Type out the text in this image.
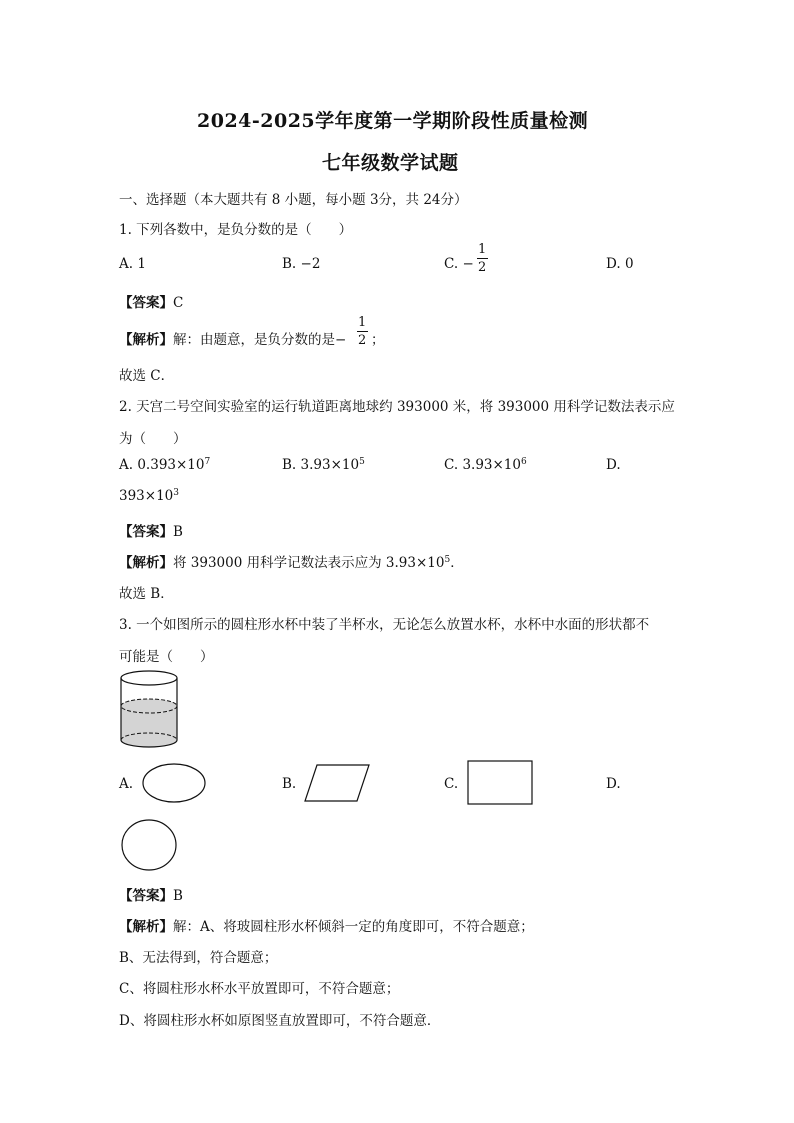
2024-2025学年度第一学期阶段性质量检测
七年级数学试题
一、选择题（本大题共有 8 小题，每小题 3分，共 24分）
1. 下列各数中，是负分数的是（　　）
A. 1	B. −2	C. −
1
2	D. 0
【答案】C
【解析】解：由题意，是负分数的是−
1
2 ；
故选 C．
2. 天宫二号空间实验室的运行轨道距离地球约 393000 米，将 393000 用科学记数法表示应
为（　　）
A. $0.393\times 10^7$	B. $3.93\times 10^5$	C. $3.93\times 10^6$	D.
$393\times 10^3$
【答案】B
【解析】将 393000 用科学记数法表示应为 $3.93\times 10^5$．
故选 B．
3. 一个如图所示的圆柱形水杯中装了半杯水，无论怎么放置水杯，水杯中水面的形状都不
可能是（　　）
A.	B.	C.	D.
【答案】B
【解析】解：A、将玻圆柱形水杯倾斜一定的角度即可，不符合题意；
B、无法得到，符合题意；
C、将圆柱形水杯水平放置即可，不符合题意；
D、将圆柱形水杯如原图竖直放置即可，不符合题意．
